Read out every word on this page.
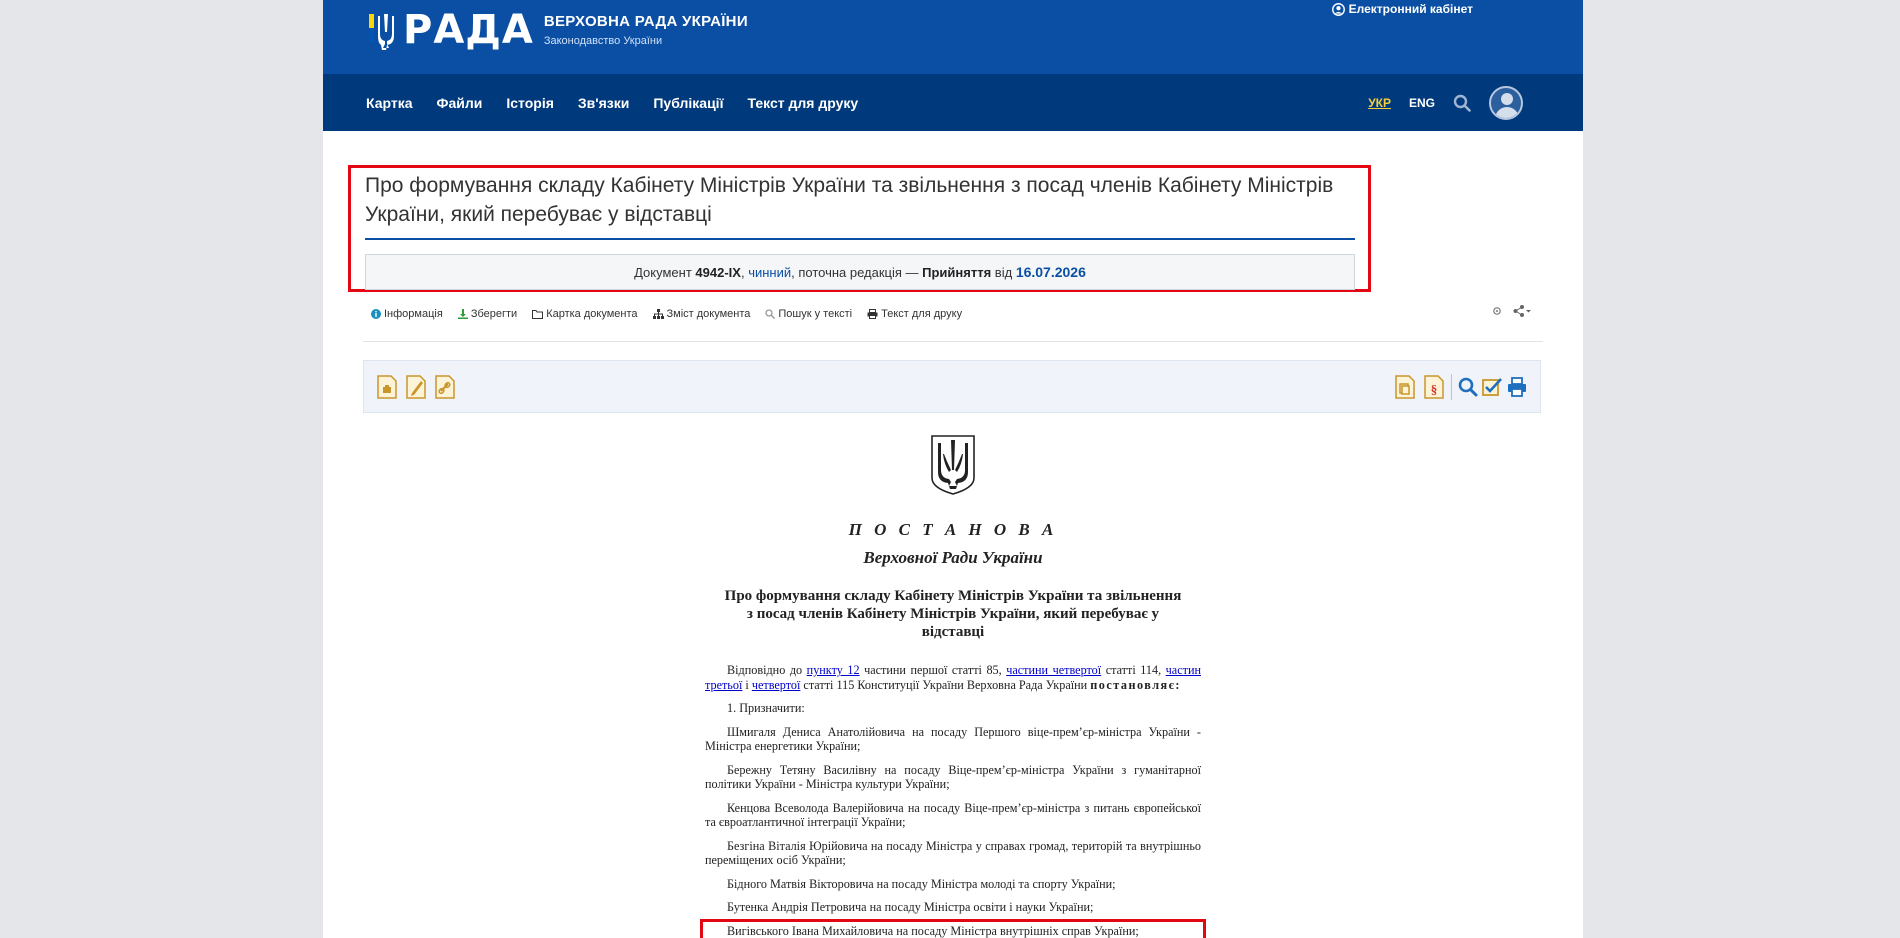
РАДА ВЕРХОВНА РАДА УКРАЇНИ
Законодавство України
Електронний кабінет
Картка Файли Історія Зв'язки Публікації Текст для друку	УКР ENG
Про формування складу Кабінету Міністрів України та звільнення з посад членів Кабінету Міністрів України, який перебуває у відставці
Документ 4942-IX, чинний, поточна редакція — Прийняття від 16.07.2026
Інформація	Зберегти	Картка документа	Зміст документа	Пошук у тексті	Текст для друку
§
П О С Т А Н О В А
Верховної Ради України
Про формування складу Кабінету Міністрів України та звільнення з посад членів Кабінету Міністрів України, який перебуває у відставці

Відповідно до пункту 12 частини першої статті 85, частини четвертої статті 114, частин третьої і четвертої статті 115 Конституції України Верховна Рада України постановляє:

1. Призначити:

Шмигаля Дениса Анатолійовича на посаду Першого віце-прем’єр-міністра України - Міністра енергетики України;

Бережну Тетяну Василівну на посаду Віце-прем’єр-міністра України з гуманітарної політики України - Міністра культури України;

Кенцова Всеволода Валерійовича на посаду Віце-прем’єр-міністра з питань європейської та євроатлантичної інтеграції України;

Безгіна Віталія Юрійовича на посаду Міністра у справах громад, територій та внутрішньо переміщених осіб України;

Бідного Матвія Вікторовича на посаду Міністра молоді та спорту України;

Бутенка Андрія Петровича на посаду Міністра освіти і науки України;

Вигівського Івана Михайловича на посаду Міністра внутрішніх справ України;
